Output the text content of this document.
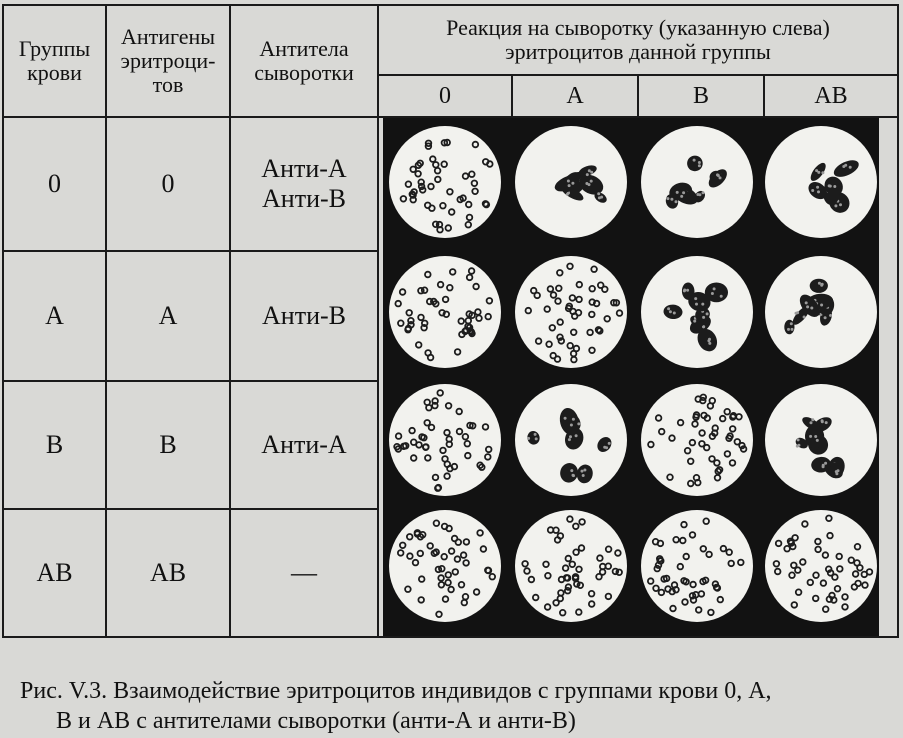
Группы
крови	Антигены
эритроци-
тов	Антитела
сыворотки	Реакция на сыворотку (указанную слева)
эритроцитов данной группы			

			0	A	B	AB
0	0	Анти-А
Анти-В

A	A	Анти-В				
B	B	Анти-А				
AB	AB	—				
Рис. V.3. Взаимодействие эритроцитов индивидов с группами крови 0, A,
B и AB с антителами сыворотки (анти-А и анти-В)
